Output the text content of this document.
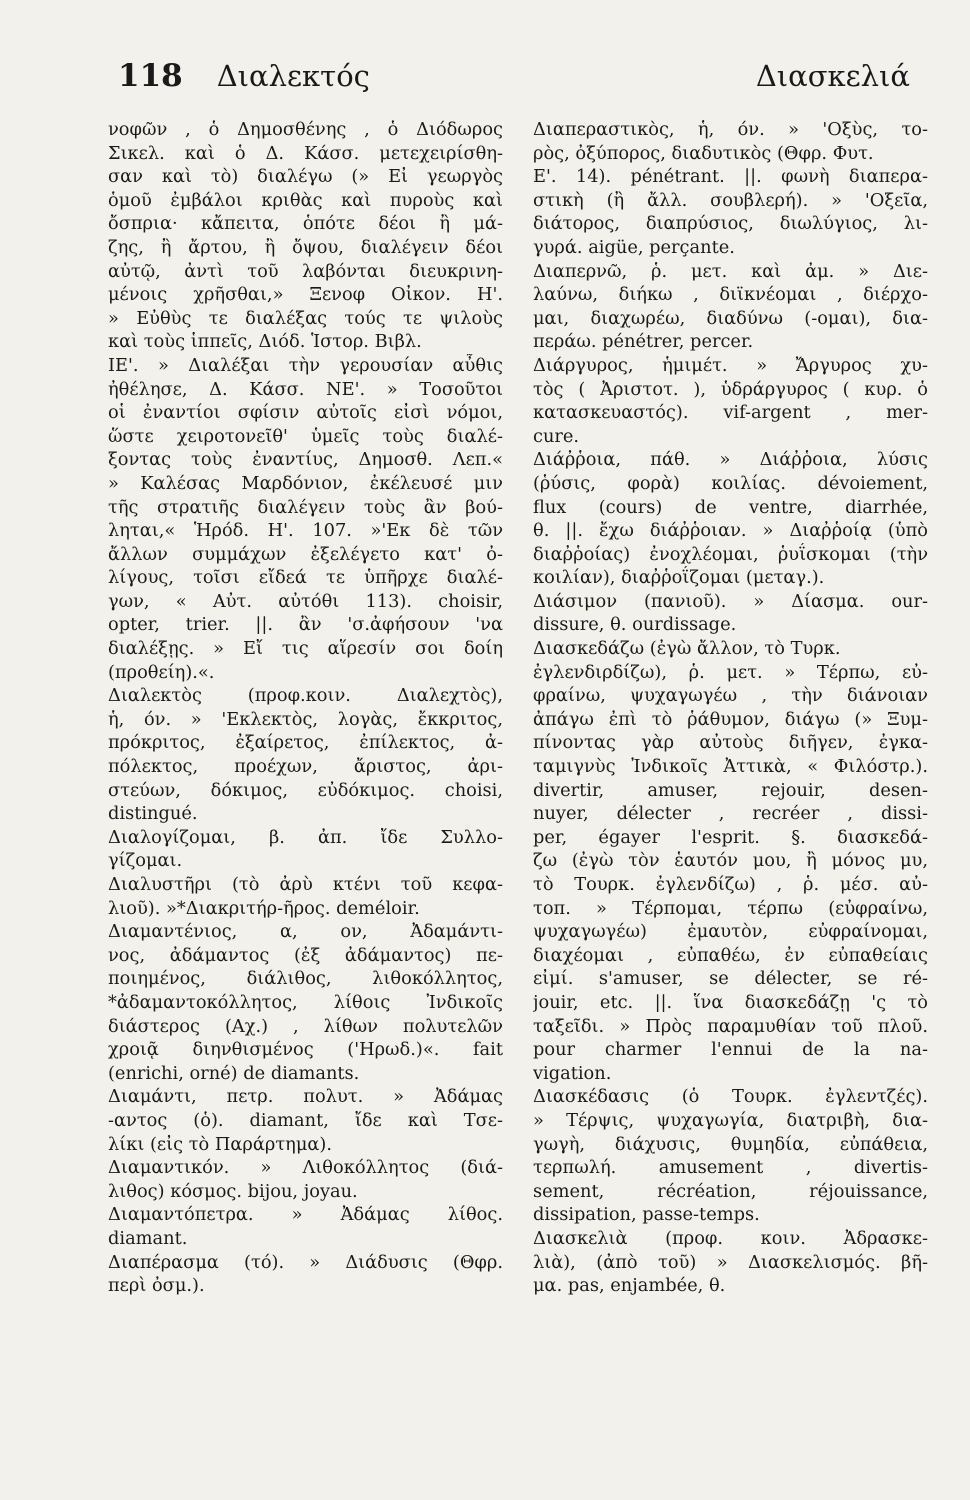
118 Διαλεκτός	Διασκελιά
νοφῶν , ὁ Δημοσθένης , ὁ Διόδωρος
Σικελ. καὶ ὁ Δ. Κάσσ. μετεχειρίσθη-
σαν καὶ τὸ) διαλέγω (» Εἰ γεωργὸς
ὁμοῦ ἐμβάλοι κριθὰς καὶ πυροὺς καὶ
ὄσπρια· κἄπειτα, ὁπότε δέοι ἢ μά-
ζης, ἢ ἄρτου, ἢ ὄψου, διαλέγειν δέοι
αὐτῷ, ἀντὶ τοῦ λαβόνται διευκρινη-
μένοις χρῆσθαι,» Ξενοφ Οἰκον. Η'.
» Εὐθὺς τε διαλέξας τούς τε ψιλοὺς
καὶ τοὺς ἱππεῖς, Διόδ. Ἱστορ. Βιβλ.
ΙΕ'. » Διαλέξαι τὴν γερουσίαν αὖθις
ἠθέλησε, Δ. Κάσσ. ΝΕ'. » Τοσοῦτοι
οἱ ἐναντίοι σφίσιν αὐτοῖς εἰσὶ νόμοι,
ὥστε χειροτονεῖθ' ὑμεῖς τοὺς διαλέ-
ξοντας τοὺς ἐναντίυς, Δημοσθ. Λεπ.«
» Καλέσας Μαρδόνιον, ἐκέλευσέ μιν
τῆς στρατιῆς διαλέγειν τοὺς ἂν βού-
ληται,« Ἡρόδ. Η'. 107. »'Εκ δὲ τῶν
ἄλλων συμμάχων ἐξελέγετο κατ' ὀ-
λίγους, τοῖσι εἴδεά τε ὑπῆρχε διαλέ-
γων, « Αὐτ. αὐτόθι 113). choisir,
opter, trier. ||. ἂν 'σ.ἀφήσουν 'να
διαλέξῃς. » Εἴ τις αἵρεσίν σοι δοίη
(προθείη).«.
Διαλεκτὸς (προφ.κοιν. Διαλεχτὸς),
ἡ, όν. » 'Εκλεκτὸς, λογὰς, ἔκκριτος,
πρόκριτος, ἐξαίρετος, ἐπίλεκτος, ἀ-
πόλεκτος, προέχων, ἄριστος, ἀρι-
στεύων, δόκιμος, εὐδόκιμος. choisi,
distingué.
Διαλογίζομαι, β. ἀπ. ἴδε Συλλο-
γίζομαι.
Διαλυστῆρι (τὸ ἀρὺ κτένι τοῦ κεφα-
λιοῦ). »*Διακριτήρ-ῆρος. deméloir.
Διαμαντένιος, α, ον, Ἀδαμάντι-
νος, ἀδάμαντος (ἐξ ἀδάμαντος) πε-
ποιημένος, διάλιθος, λιθοκόλλητος,
*ἀδαμαντοκόλλητος, λίθοις Ἰνδικοῖς
διάστερος (Αχ.) , λίθων πολυτελῶν
χροιᾷ διηνθισμένος ('Ηρωδ.)«. fait
(enrichi, orné) de diamants.
Διαμάντι, πετρ. πολυτ. » Ἀδάμας
-αντος (ὁ). diamant, ἴδε καὶ Τσε-
λίκι (εἰς τὸ Παράρτημα).
Διαμαντικόν. » Λιθοκόλλητος (διά-
λιθος) κόσμος. bijou, joyau.
Διαμαντόπετρα. » Ἀδάμας λίθος.
diamant.
Διαπέρασμα (τό). » Διάδυσις (Θφρ.
περὶ ὀσμ.).
Διαπεραστικὸς, ἡ, όν. » 'Οξὺς, το-
ρὸς, ὀξύπορος, διαδυτικὸς (Θφρ. Φυτ.
Ε'. 14). pénétrant. ||. φωνὴ διαπερα-
στικὴ (ἢ ἄλλ. σουβλερή). » 'Οξεῖα,
διάτορος, διαπρύσιος, διωλύγιος, λι-
γυρά. aigüe, perçante.
Διαπερνῶ, ῥ. μετ. καὶ ἀμ. » Διε-
λαύνω, διήκω , διϊκνέομαι , διέρχο-
μαι, διαχωρέω, διαδύνω (-ομαι), δια-
περάω. pénétrer, percer.
Διάργυρος, ἡμιμέτ. » Ἄργυρος χυ-
τὸς ( Ἀριστοτ. ), ὑδράργυρος ( κυρ. ὁ
κατασκευαστός). vif-argent , mer-
cure.
Διάῤῥοια, πάθ. » Διάῤῥοια, λύσις
(ῥύσις, φορὰ) κοιλίας. dévoiement,
flux (cours) de ventre, diarrhée,
θ. ||. ἔχω διάῤῥοιαν. » Διαῤῥοίᾳ (ὑπὸ
διαῤῥοίας) ἐνοχλέομαι, ῥυΐσκομαι (τὴν
κοιλίαν), διαῤῥοΐζομαι (μεταγ.).
Διάσιμον (πανιοῦ). » Δίασμα. our-
dissure, θ. ourdissage.
Διασκεδάζω (ἐγὼ ἄλλον, τὸ Τυρκ.
ἐγλενδιρδίζω), ῥ. μετ. » Τέρπω, εὐ-
φραίνω, ψυχαγωγέω , τὴν διάνοιαν
ἀπάγω ἐπὶ τὸ ῥάθυμον, διάγω (» Ξυμ-
πίνοντας γὰρ αὐτοὺς διῆγεν, ἐγκα-
ταμιγνὺς Ἰνδικοῖς Ἀττικὰ, « Φιλόστρ.).
divertir, amuser, rejouir, desen-
nuyer, délecter , recréer , dissi-
per, égayer l'esprit. §. διασκεδά-
ζω (ἐγὼ τὸν ἑαυτόν μου, ἢ μόνος μυ,
τὸ Τουρκ. ἐγλενδίζω) , ῥ. μέσ. αὐ-
τοπ. » Τέρπομαι, τέρπω (εὐφραίνω,
ψυχαγωγέω) ἐμαυτὸν, εὐφραίνομαι,
διαχέομαι , εὐπαθέω, ἐν εὐπαθείαις
εἰμί. s'amuser, se délecter, se ré-
jouir, etc. ||. ἵνα διασκεδάζῃ 'ς τὸ
ταξεῖδι. » Πρὸς παραμυθίαν τοῦ πλοῦ.
pour charmer l'ennui de la na-
vigation.
Διασκέδασις (ὁ Τουρκ. ἐγλεντζές).
» Τέρψις, ψυχαγωγία, διατριβὴ, δια-
γωγὴ, διάχυσις, θυμηδία, εὐπάθεια,
τερπωλή. amusement , divertis-
sement, récréation, réjouissance,
dissipation, passe-temps.
Διασκελιὰ (προφ. κοιν. Ἀδρασκε-
λιὰ), (ἀπὸ τοῦ) » Διασκελισμός. βῆ-
μα. pas, enjambée, θ.
